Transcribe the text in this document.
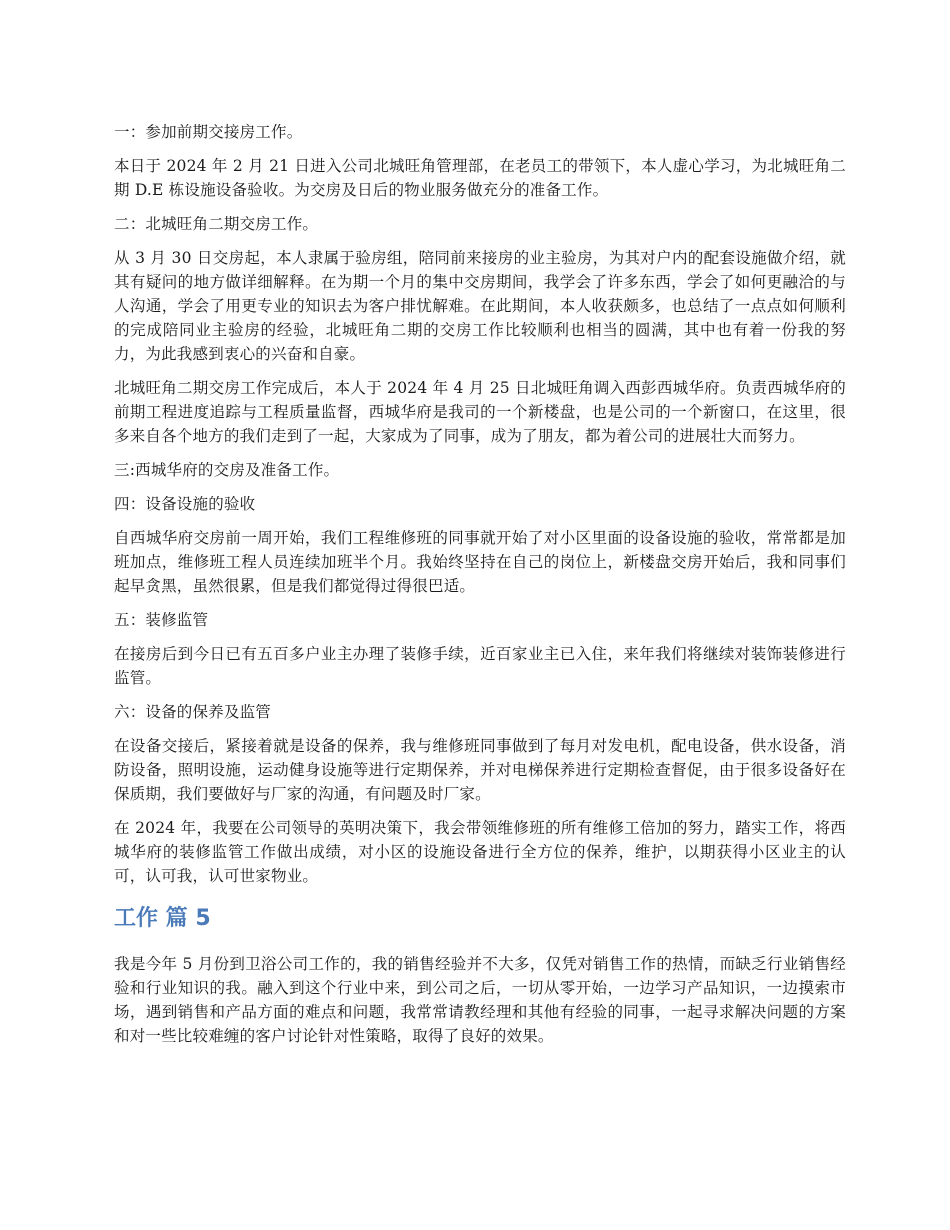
一：参加前期交接房工作。

本日于 2024 年 2 月 21 日进入公司北城旺角管理部，在老员工的带领下，本人虚心学习，为北城旺角二期 D.E 栋设施设备验收。为交房及日后的物业服务做充分的准备工作。

二：北城旺角二期交房工作。

从 3 月 30 日交房起，本人隶属于验房组，陪同前来接房的业主验房，为其对户内的配套设施做介绍，就其有疑问的地方做详细解释。在为期一个月的集中交房期间，我学会了许多东西，学会了如何更融洽的与人沟通，学会了用更专业的知识去为客户排忧解难。在此期间，本人收获颇多，也总结了一点点如何顺利的完成陪同业主验房的经验，北城旺角二期的交房工作比较顺利也相当的圆满，其中也有着一份我的努力，为此我感到衷心的兴奋和自豪。

北城旺角二期交房工作完成后，本人于 2024 年 4 月 25 日北城旺角调入西彭西城华府。负责西城华府的前期工程进度追踪与工程质量监督，西城华府是我司的一个新楼盘，也是公司的一个新窗口，在这里，很多来自各个地方的我们走到了一起，大家成为了同事，成为了朋友，都为着公司的进展壮大而努力。

三:西城华府的交房及准备工作。

四：设备设施的验收

自西城华府交房前一周开始，我们工程维修班的同事就开始了对小区里面的设备设施的验收，常常都是加班加点，维修班工程人员连续加班半个月。我始终坚持在自己的岗位上，新楼盘交房开始后，我和同事们起早贪黑，虽然很累，但是我们都觉得过得很巴适。

五：装修监管

在接房后到今日已有五百多户业主办理了装修手续，近百家业主已入住，来年我们将继续对装饰装修进行监管。

六：设备的保养及监管

在设备交接后，紧接着就是设备的保养，我与维修班同事做到了每月对发电机，配电设备，供水设备，消防设备，照明设施，运动健身设施等进行定期保养，并对电梯保养进行定期检查督促，由于很多设备好在保质期，我们要做好与厂家的沟通，有问题及时厂家。

在 2024 年，我要在公司领导的英明决策下，我会带领维修班的所有维修工倍加的努力，踏实工作，将西城华府的装修监管工作做出成绩，对小区的设施设备进行全方位的保养，维护，以期获得小区业主的认可，认可我，认可世家物业。

工作 篇 5

我是今年 5 月份到卫浴公司工作的，我的销售经验并不大多，仅凭对销售工作的热情，而缺乏行业销售经验和行业知识的我。融入到这个行业中来，到公司之后，一切从零开始，一边学习产品知识，一边摸索市场，遇到销售和产品方面的难点和问题，我常常请教经理和其他有经验的同事，一起寻求解决问题的方案和对一些比较难缠的客户讨论针对性策略，取得了良好的效果。
